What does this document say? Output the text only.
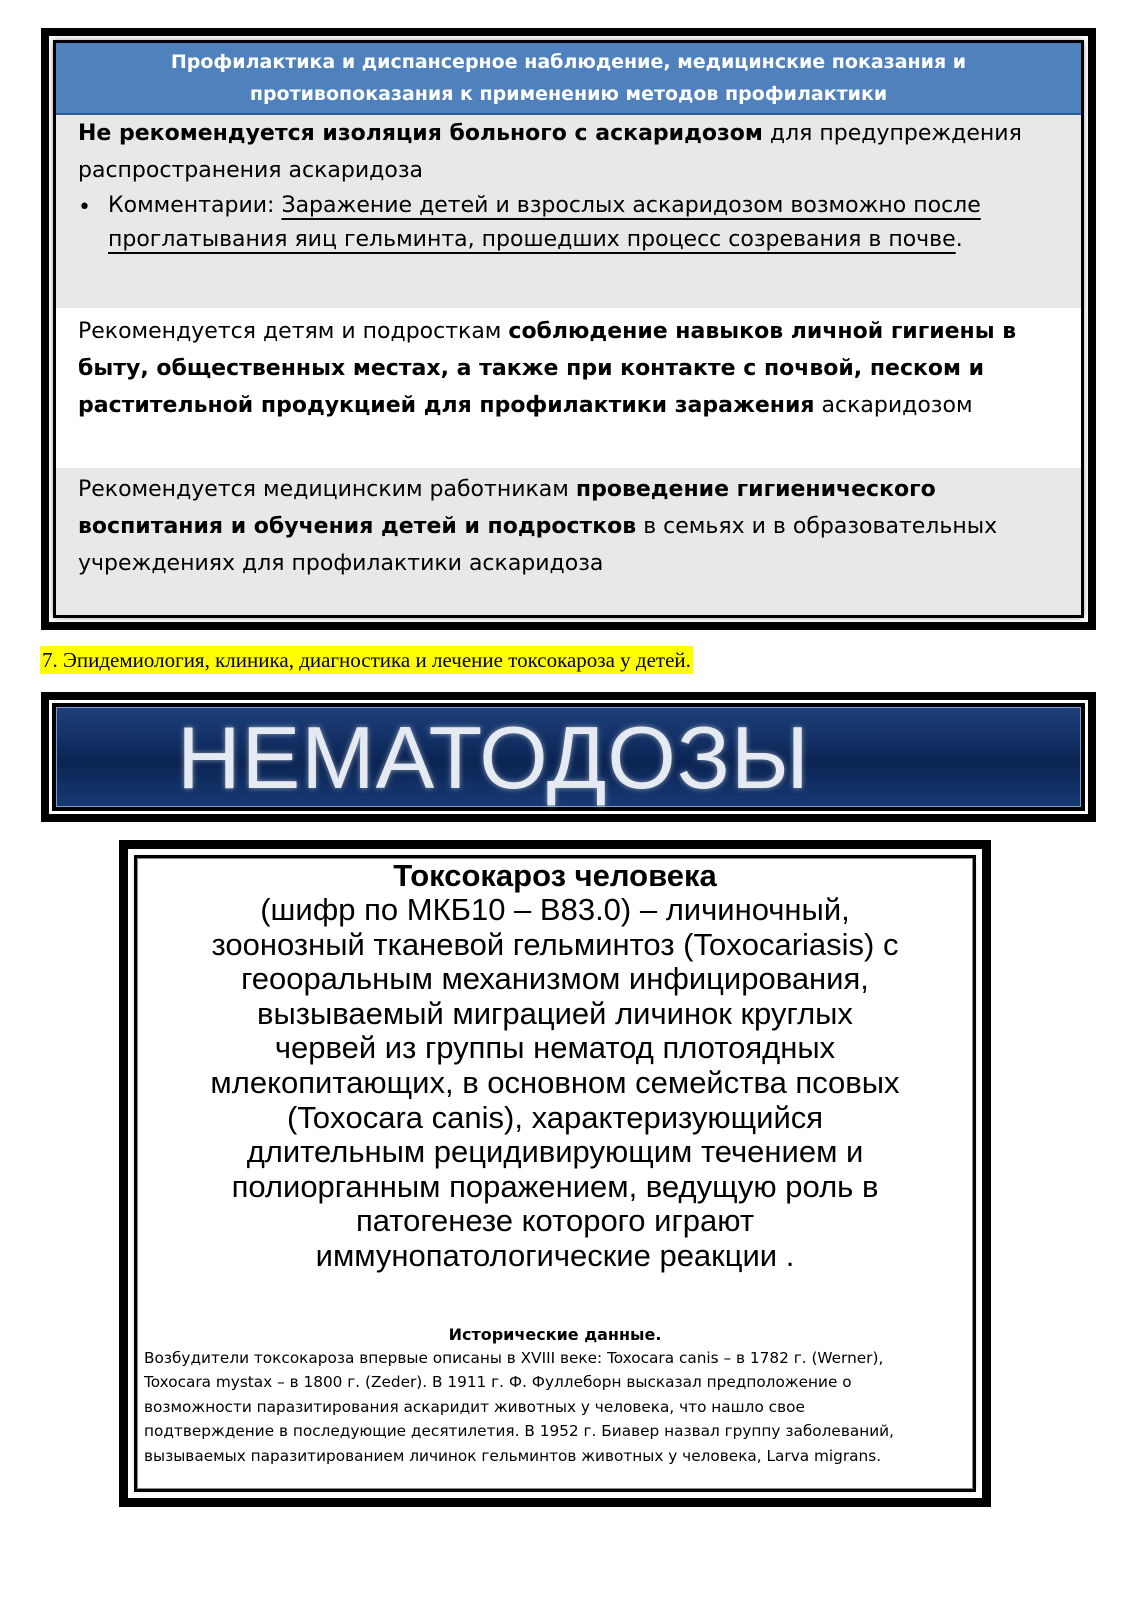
Профилактика и диспансерное наблюдение, медицинские показания и
противопоказания к применению методов профилактики
Не рекомендуется изоляция больного с аскаридозом для предупреждения
распространения аскаридоза
• Комментарии: Заражение детей и взрослых аскаридозом возможно после
проглатывания яиц гельминта, прошедших процесс созревания в почве.
Рекомендуется детям и подросткам соблюдение навыков личной гигиены в
быту, общественных местах, а также при контакте с почвой, песком и
растительной продукцией для профилактики заражения аскаридозом
Рекомендуется медицинским работникам проведение гигиенического
воспитания и обучения детей и подростков в семьях и в образовательных
учреждениях для профилактики аскаридоза
7. Эпидемиология, клиника, диагностика и лечение токсокароза у детей.
НЕМАТОДОЗЫ
Токсокароз человека
(шифр по МКБ10 – В83.0) – личиночный,
зоонозный тканевой гельминтоз (Toxocariasis) с
геооральным механизмом инфицирования,
вызываемый миграцией личинок круглых
червей из группы нематод плотоядных
млекопитающих, в основном семейства псовых
(Toxocara canis), характеризующийся
длительным рецидивирующим течением и
полиорганным поражением, ведущую роль в
патогенезе которого играют
иммунопатологические реакции .
Исторические данные.
Возбудители токсокароза впервые описаны в XVIII веке: Toxocara canis – в 1782 г. (Werner),
Toxocara mystax – в 1800 г. (Zeder). В 1911 г. Ф. Фуллеборн высказал предположение о
возможности паразитирования аскаридит животных у человека, что нашло свое
подтверждение в последующие десятилетия. В 1952 г. Биавер назвал группу заболеваний,
вызываемых паразитированием личинок гельминтов животных у человека, Larva migrans.
